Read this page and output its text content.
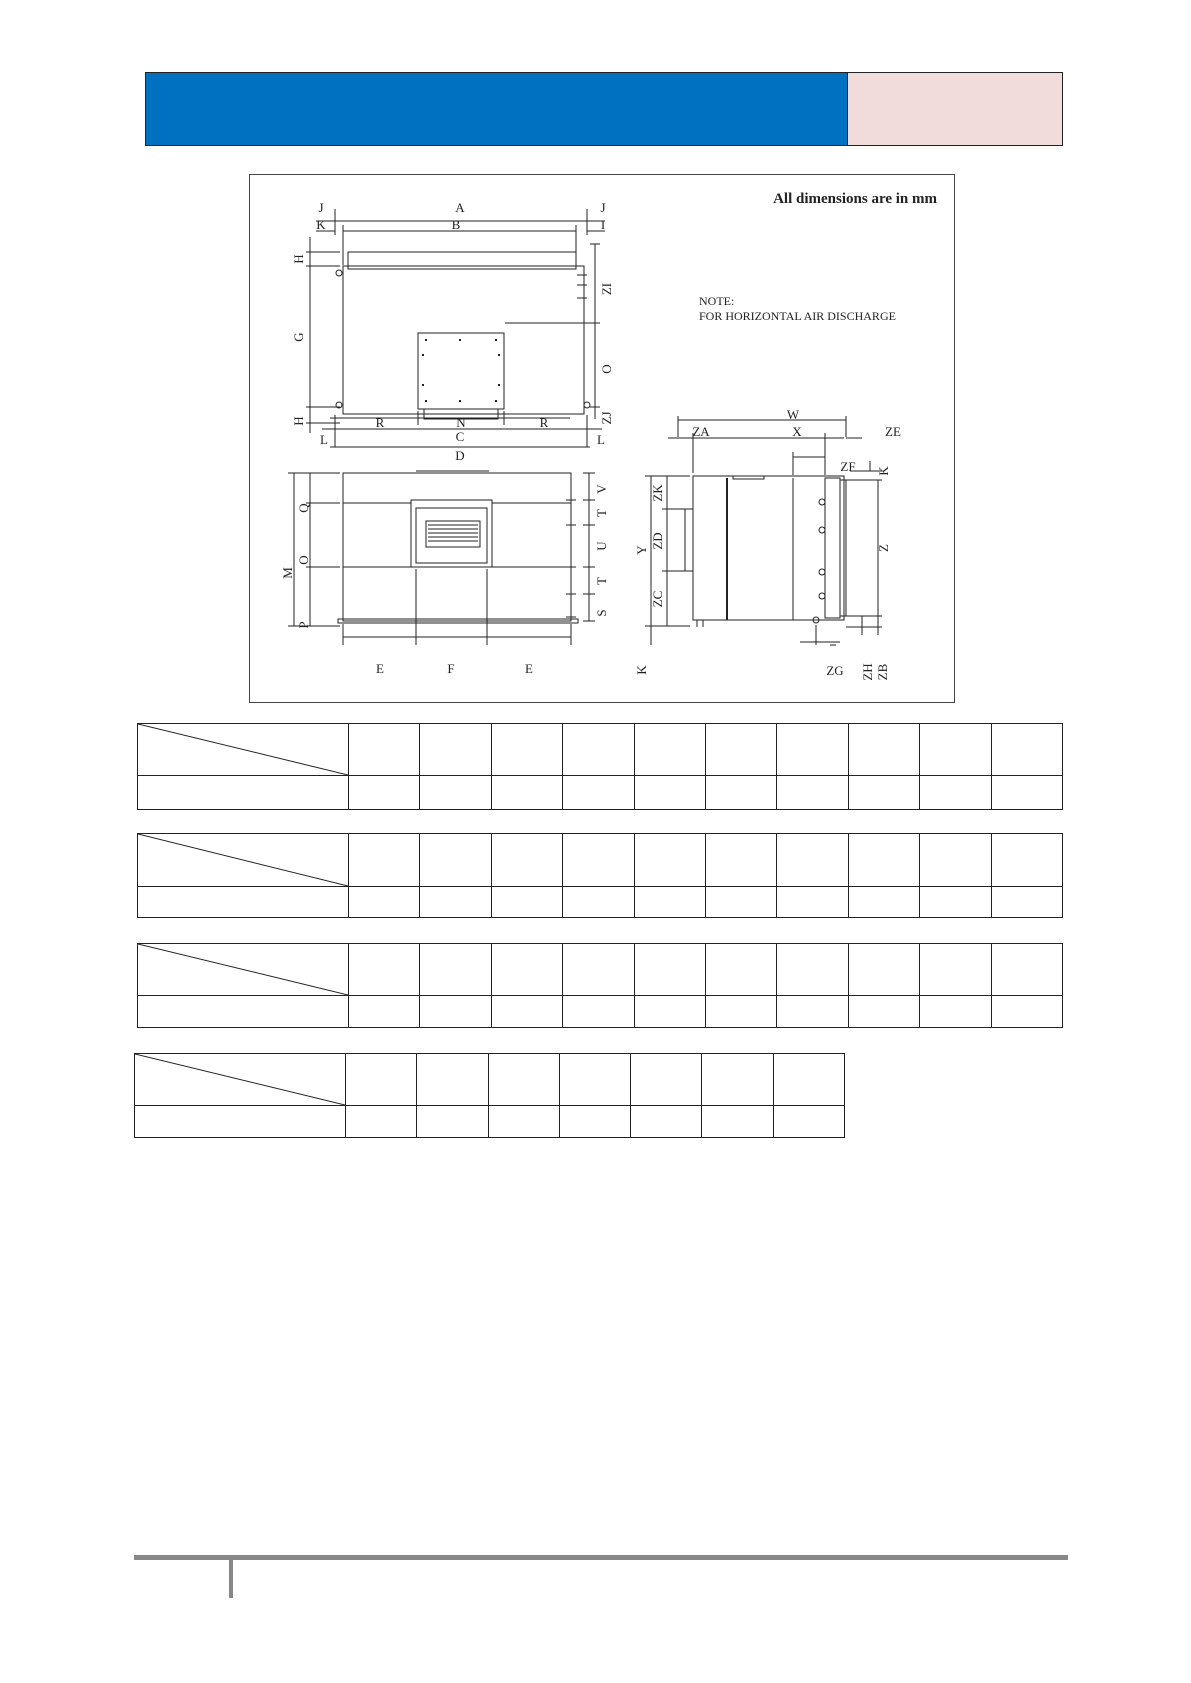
All dimensions are in mm
NOTE:
FOR HORIZONTAL AIR DISCHARGE
A
B
J
K
J
I
R	N	R
C
D
L	L
E	F	E
W
X
ZA	ZE
ZF
ZG
H
G
H
ZI
O
ZJ
M
Q
O
P
V
T
U
T
S
Y
ZK
ZD
ZC
K
Z
K
ZH ZB
